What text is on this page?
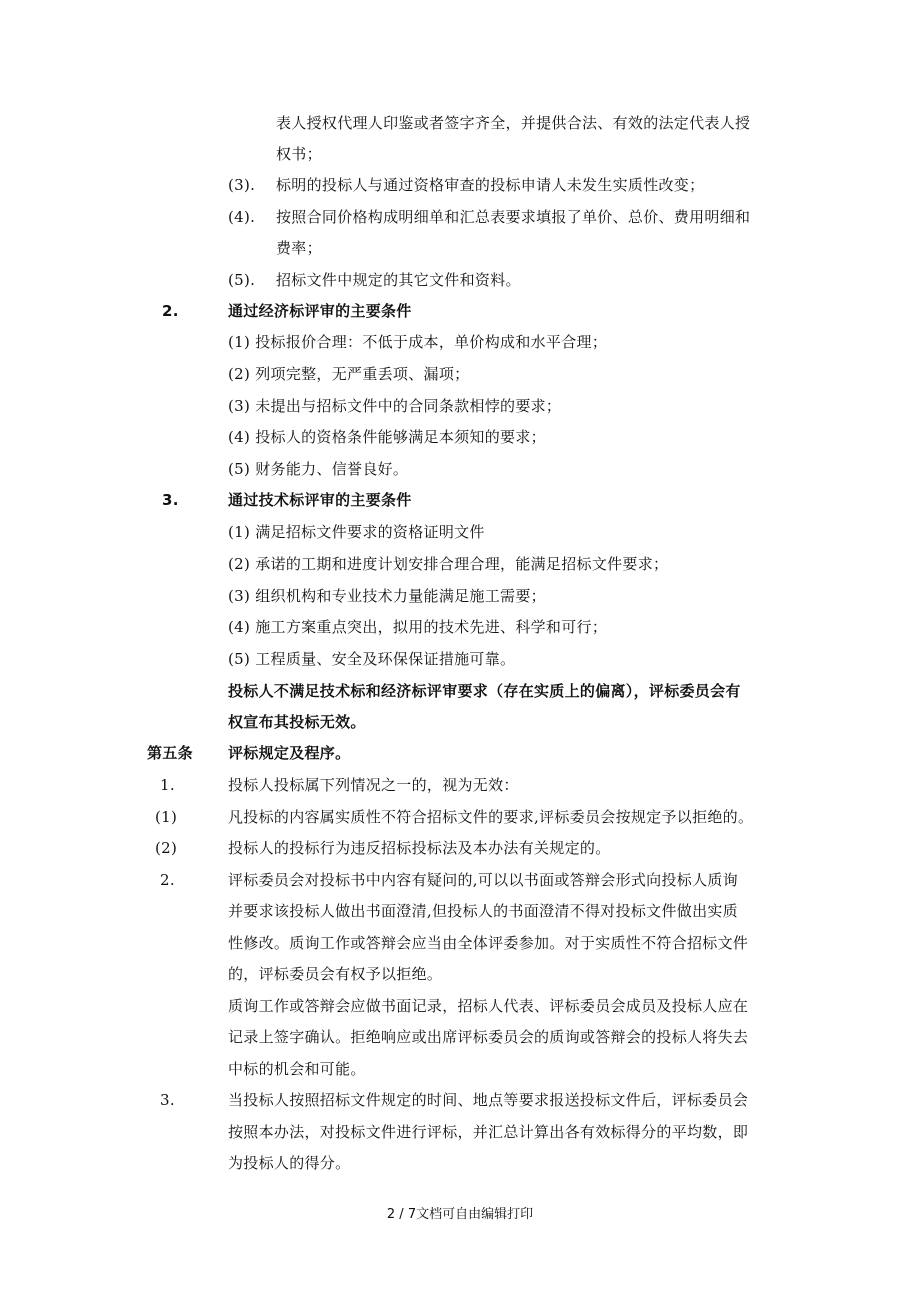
表人授权代理人印鉴或者签字齐全，并提供合法、有效的法定代表人授
权书；
(3). 标明的投标人与通过资格审查的投标申请人未发生实质性改变；
(4). 按照合同价格构成明细单和汇总表要求填报了单价、总价、费用明细和
费率；
(5). 招标文件中规定的其它文件和资料。
2.	通过经济标评审的主要条件
(1) 投标报价合理：不低于成本，单价构成和水平合理；
(2) 列项完整，无严重丢项、漏项；
(3) 未提出与招标文件中的合同条款相悖的要求；
(4) 投标人的资格条件能够满足本须知的要求；
(5) 财务能力、信誉良好。
3.	通过技术标评审的主要条件
(1) 满足招标文件要求的资格证明文件
(2) 承诺的工期和进度计划安排合理合理，能满足招标文件要求；
(3) 组织机构和专业技术力量能满足施工需要；
(4) 施工方案重点突出，拟用的技术先进、科学和可行；
(5) 工程质量、安全及环保保证措施可靠。
投标人不满足技术标和经济标评审要求（存在实质上的偏离），评标委员会有
权宣布其投标无效。
第五条 评标规定及程序。
1.	投标人投标属下列情况之一的，视为无效：
(1)	凡投标的内容属实质性不符合招标文件的要求,评标委员会按规定予以拒绝的。
(2)	投标人的投标行为违反招标投标法及本办法有关规定的。
2.	评标委员会对投标书中内容有疑问的,可以以书面或答辩会形式向投标人质询
并要求该投标人做出书面澄清,但投标人的书面澄清不得对投标文件做出实质
性修改。质询工作或答辩会应当由全体评委参加。对于实质性不符合招标文件
的，评标委员会有权予以拒绝。
质询工作或答辩会应做书面记录，招标人代表、评标委员会成员及投标人应在
记录上签字确认。拒绝响应或出席评标委员会的质询或答辩会的投标人将失去
中标的机会和可能。
3.	当投标人按照招标文件规定的时间、地点等要求报送投标文件后，评标委员会
按照本办法，对投标文件进行评标，并汇总计算出各有效标得分的平均数，即
为投标人的得分。
2 / 7文档可自由编辑打印
